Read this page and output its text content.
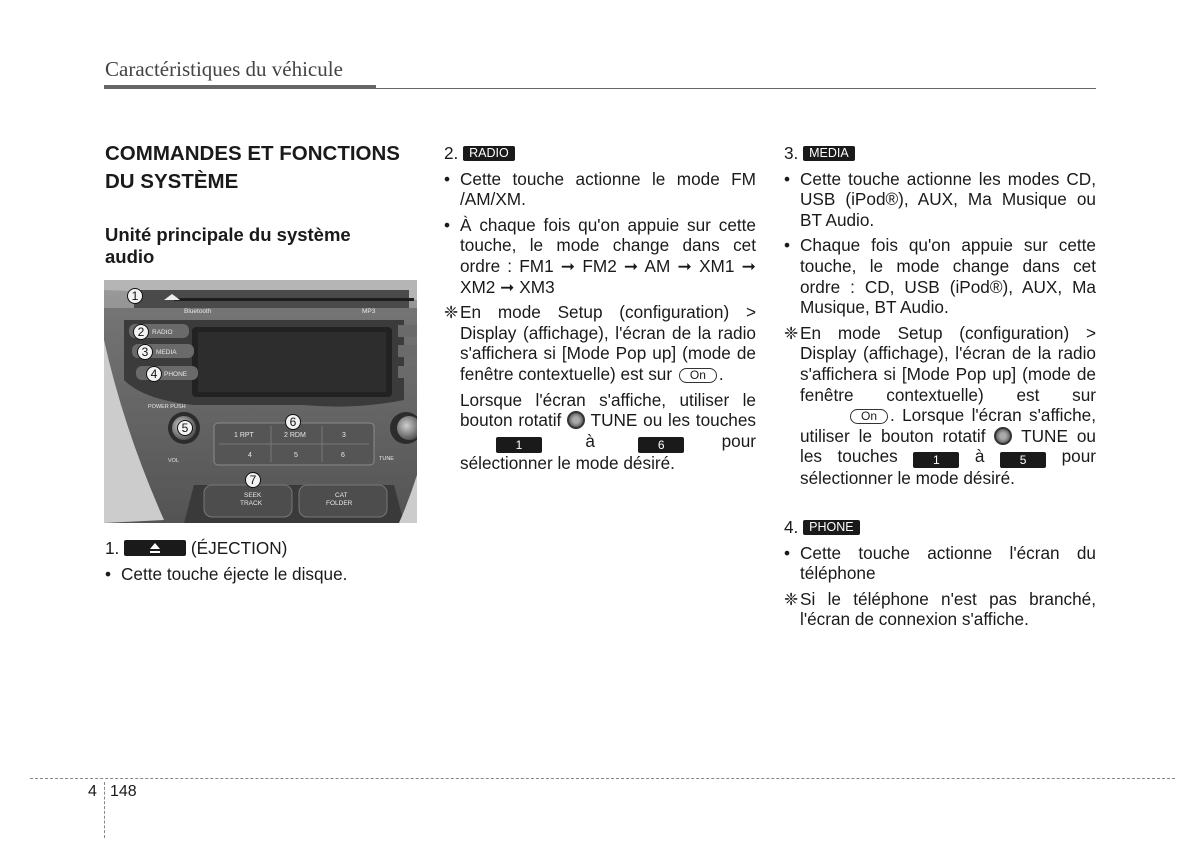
Caractéristiques du véhicule
COMMANDES ET FONCTIONS DU SYSTÈME
Unité principale du système audio
Bluetooth	MP3
RADIO
MEDIA
PHONE
POWER PUSH
VOL	TUNE
1 RPT	2 RDM	3
4	5	6
SEEK
TRACK
CAT
FOLDER
1
2
3
4
5	6
7

1.	(ÉJECTION)

• Cette touche éjecte le disque.

2. RADIO

• Cette touche actionne le mode FM /AM/XM.

• À chaque fois qu'on appuie sur cette touche, le mode change dans cet ordre : FM1 ➞ FM2 ➞ AM ➞ XM1 ➞ XM2 ➞ XM3

❈ En mode Setup (configuration) > Display (affichage), l'écran de la radio s'affichera si [Mode Pop up] (mode de fenêtre contextuelle) est sur On .

Lorsque l'écran s'affiche, utiliser le bouton rotatif TUNE ou les touches 1	à	6	pour sélectionner le mode désiré.

3. MEDIA

• Cette touche actionne les modes CD, USB (iPod®), AUX, Ma Musique ou BT Audio.

• Chaque fois qu'on appuie sur cette touche, le mode change dans cet ordre : CD, USB (iPod®), AUX, Ma Musique, BT Audio.

❈ En mode Setup (configuration) > Display (affichage), l'écran de la radio s'affichera si [Mode Pop up] (mode de fenêtre contextuelle) est sur On . Lorsque l'écran s'affiche, utiliser le bouton rotatif TUNE ou les touches	1 à	5 pour sélectionner le mode désiré.

4. PHONE

• Cette touche actionne l'écran du téléphone

❈ Si le téléphone n'est pas branché, l'écran de connexion s'affiche.

4 148
